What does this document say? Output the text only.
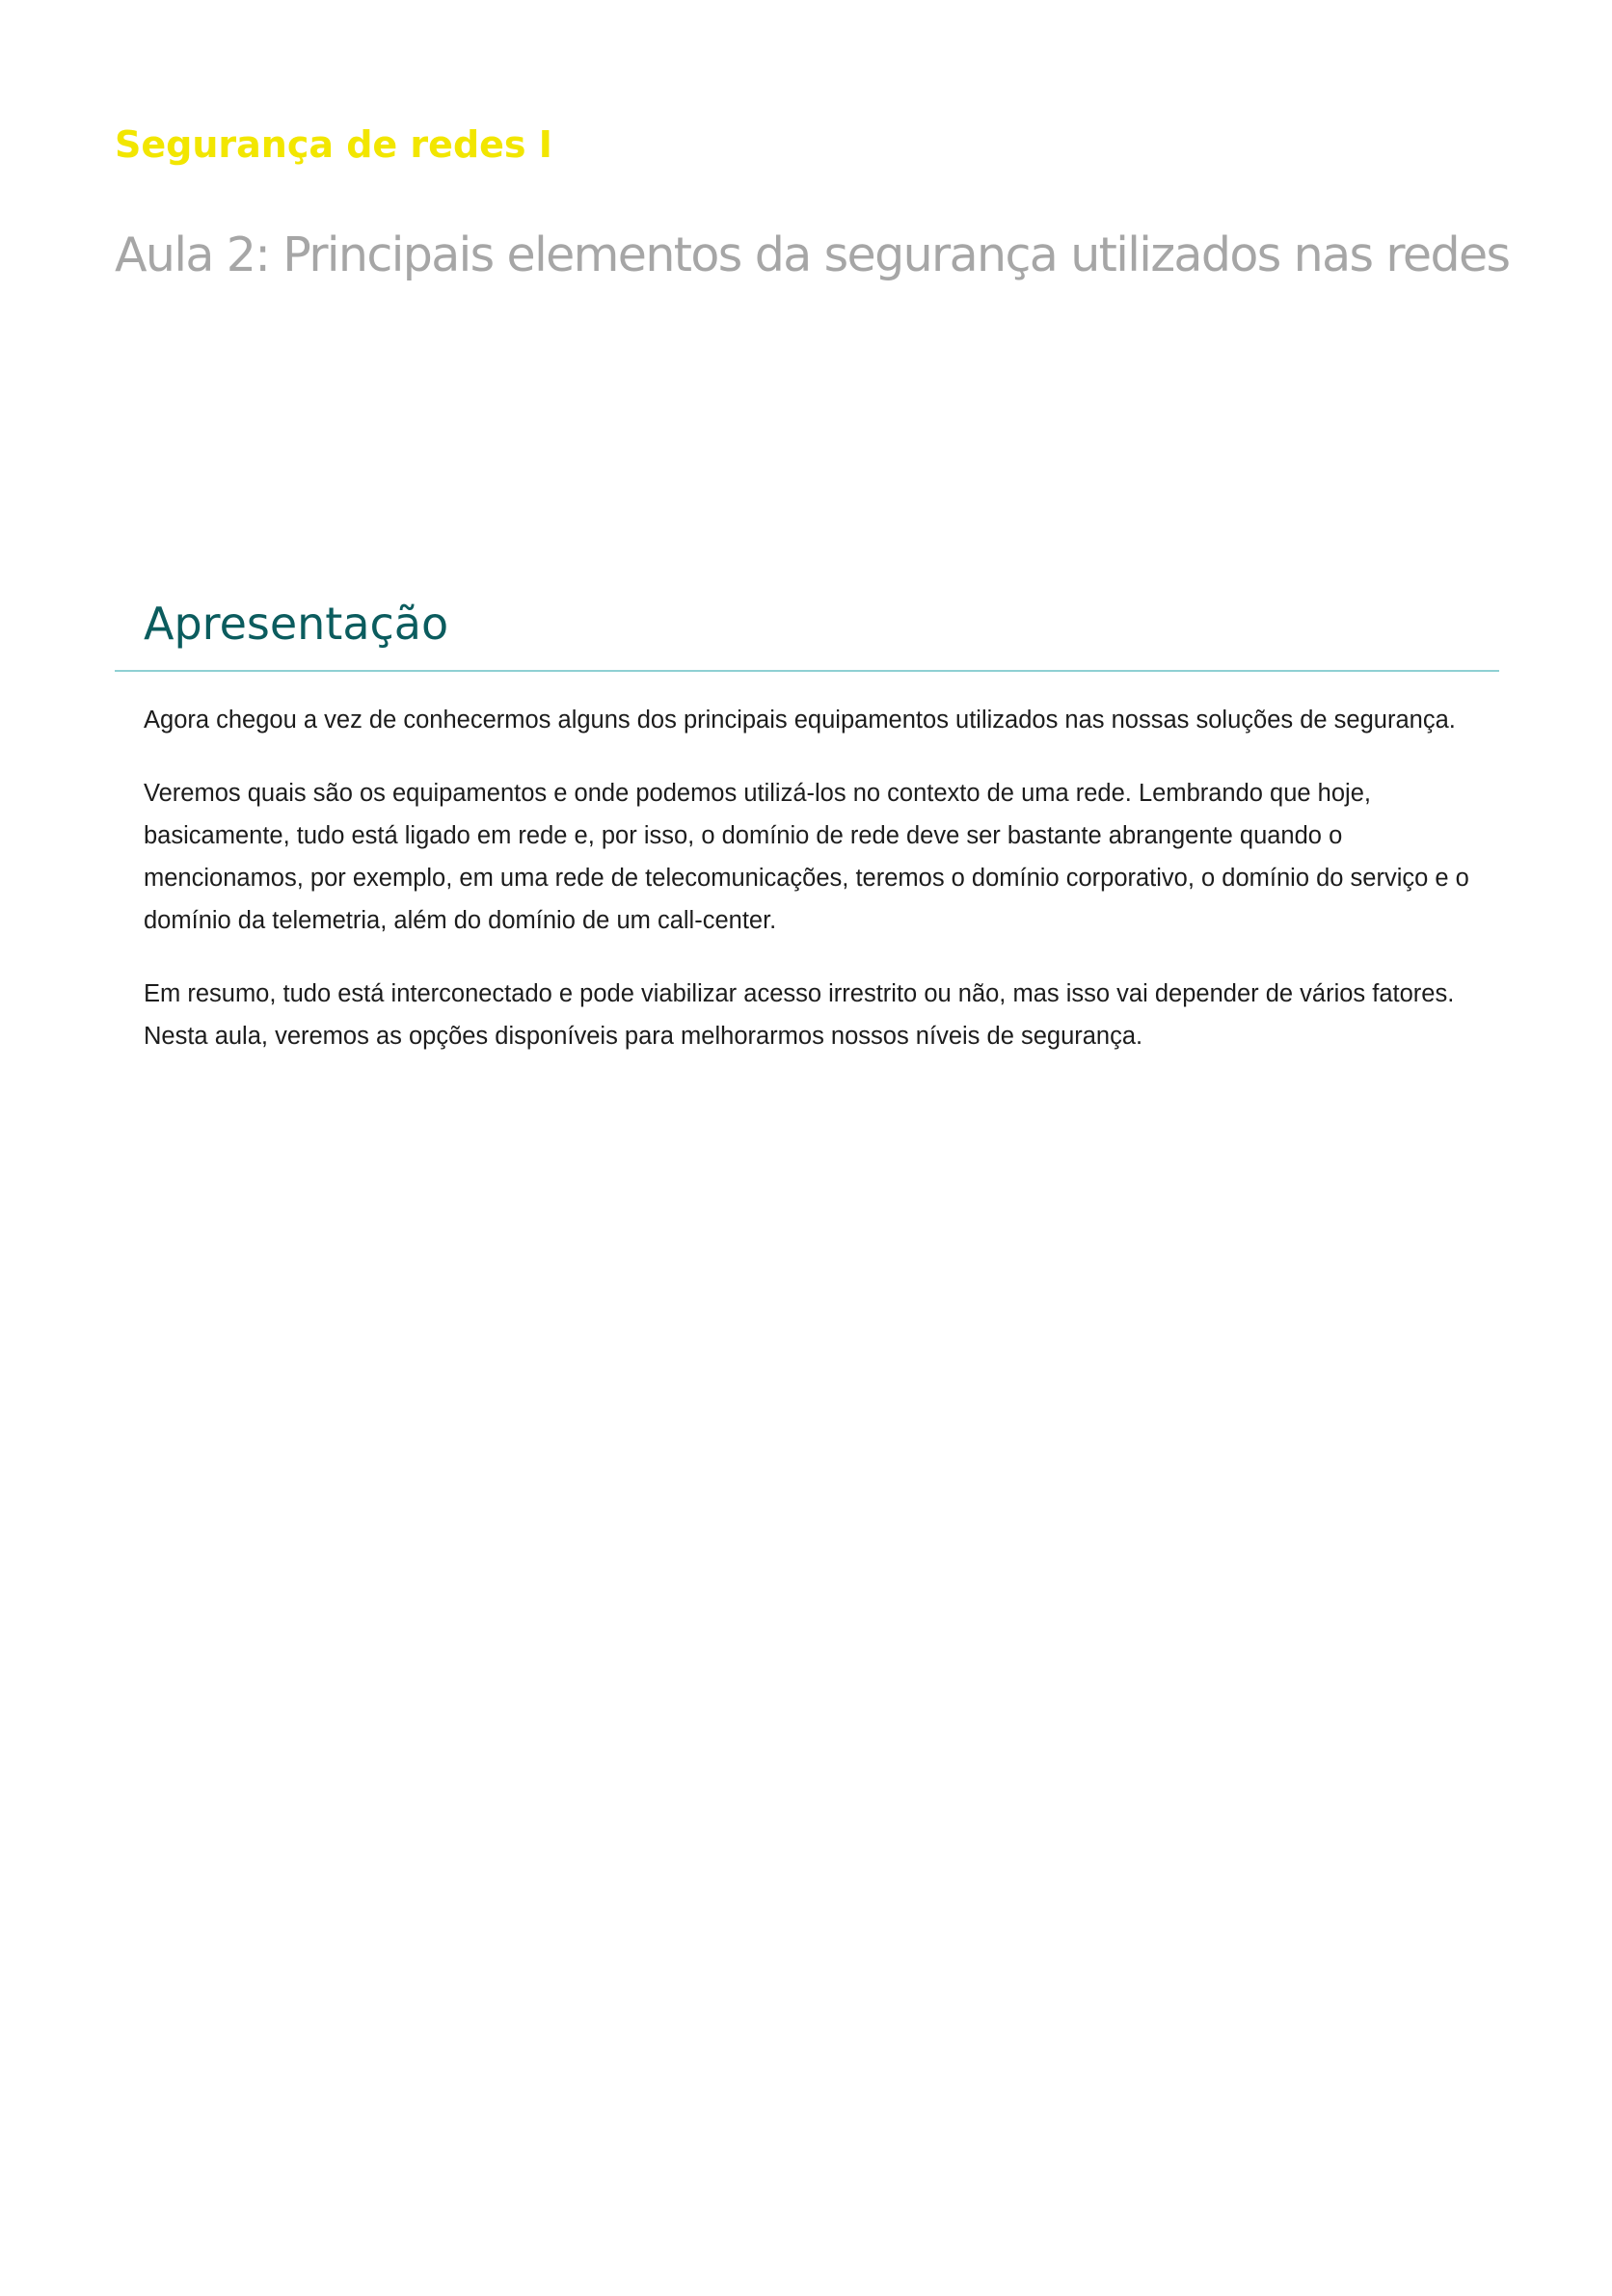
Segurança de redes I
Aula 2: Principais elementos da segurança utilizados nas redes
Apresentação

Agora chegou a vez de conhecermos alguns dos principais equipamentos utilizados nas nossas soluções de segurança.

Veremos quais são os equipamentos e onde podemos utilizá-los no contexto de uma rede. Lembrando que hoje, basicamente, tudo está ligado em rede e, por isso, o domínio de rede deve ser bastante abrangente quando o mencionamos, por exemplo, em uma rede de telecomunicações, teremos o domínio corporativo, o domínio do serviço e o domínio da telemetria, além do domínio de um call-center.

Em resumo, tudo está interconectado e pode viabilizar acesso irrestrito ou não, mas isso vai depender de vários fatores. Nesta aula, veremos as opções disponíveis para melhorarmos nossos níveis de segurança.
